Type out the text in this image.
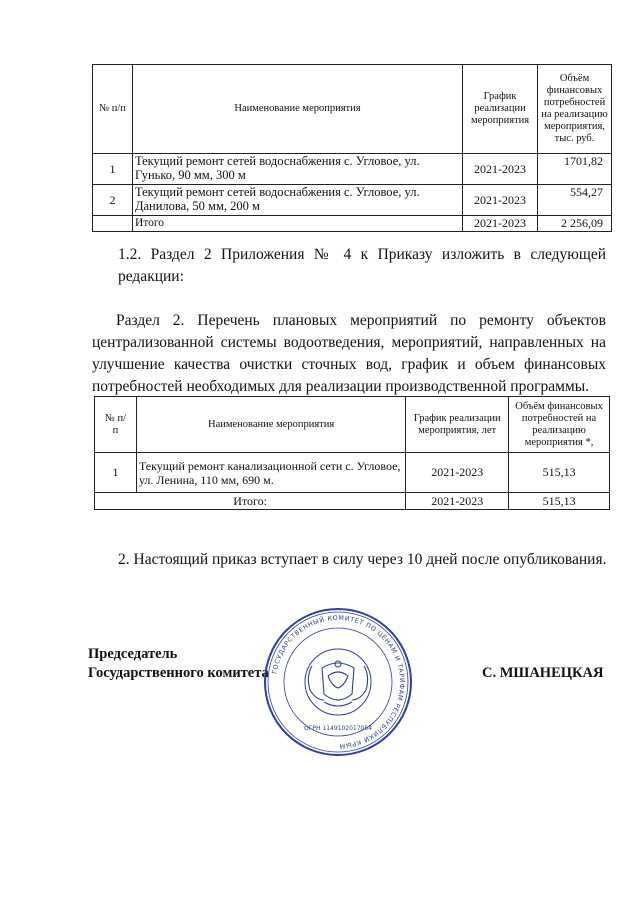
№ п/п	Наименование мероприятия	График реализации мероприятия	Объём финансовых потребностей на реализацию мероприятия, тыс. руб.
1	Текущий ремонт сетей водоснабжения с. Угловое, ул. Гунько, 90 мм, 300 м	2021-2023	1701,82
2	Текущий ремонт сетей водоснабжения с. Угловое, ул. Данилова, 50 мм, 200 м	2021-2023	554,27
	Итого	2021-2023	2 256,09

1.2. Раздел 2 Приложения № 4 к Приказу изложить в следующей редакции:

Раздел 2. Перечень плановых мероприятий по ремонту объектов централизованной системы водоотведения, мероприятий, направленных на улучшение качества очистки сточных вод, график и объем финансовых потребностей необходимых для реализации производственной программы.

№ п/п	Наименование мероприятия	График реализации мероприятия, лет	Объём финансовых потребностей на реализацию мероприятия *,
1	Текущий ремонт канализационной сети с. Угловое, ул. Ленина, 110 мм, 690 м.	2021-2023	515,13
Итого:		2021-2023	515,13

2. Настоящий приказ вступает в силу через 10 дней после опубликования.

Председатель
Государственного комитета	С. МШАНЕЦКАЯ
ГОСУДАРСТВЕННЫЙ КОМИТЕТ ПО ЦЕНАМ И ТАРИФАМ РЕСПУБЛИКИ КРЫМ
ОГРН 1149102017054
